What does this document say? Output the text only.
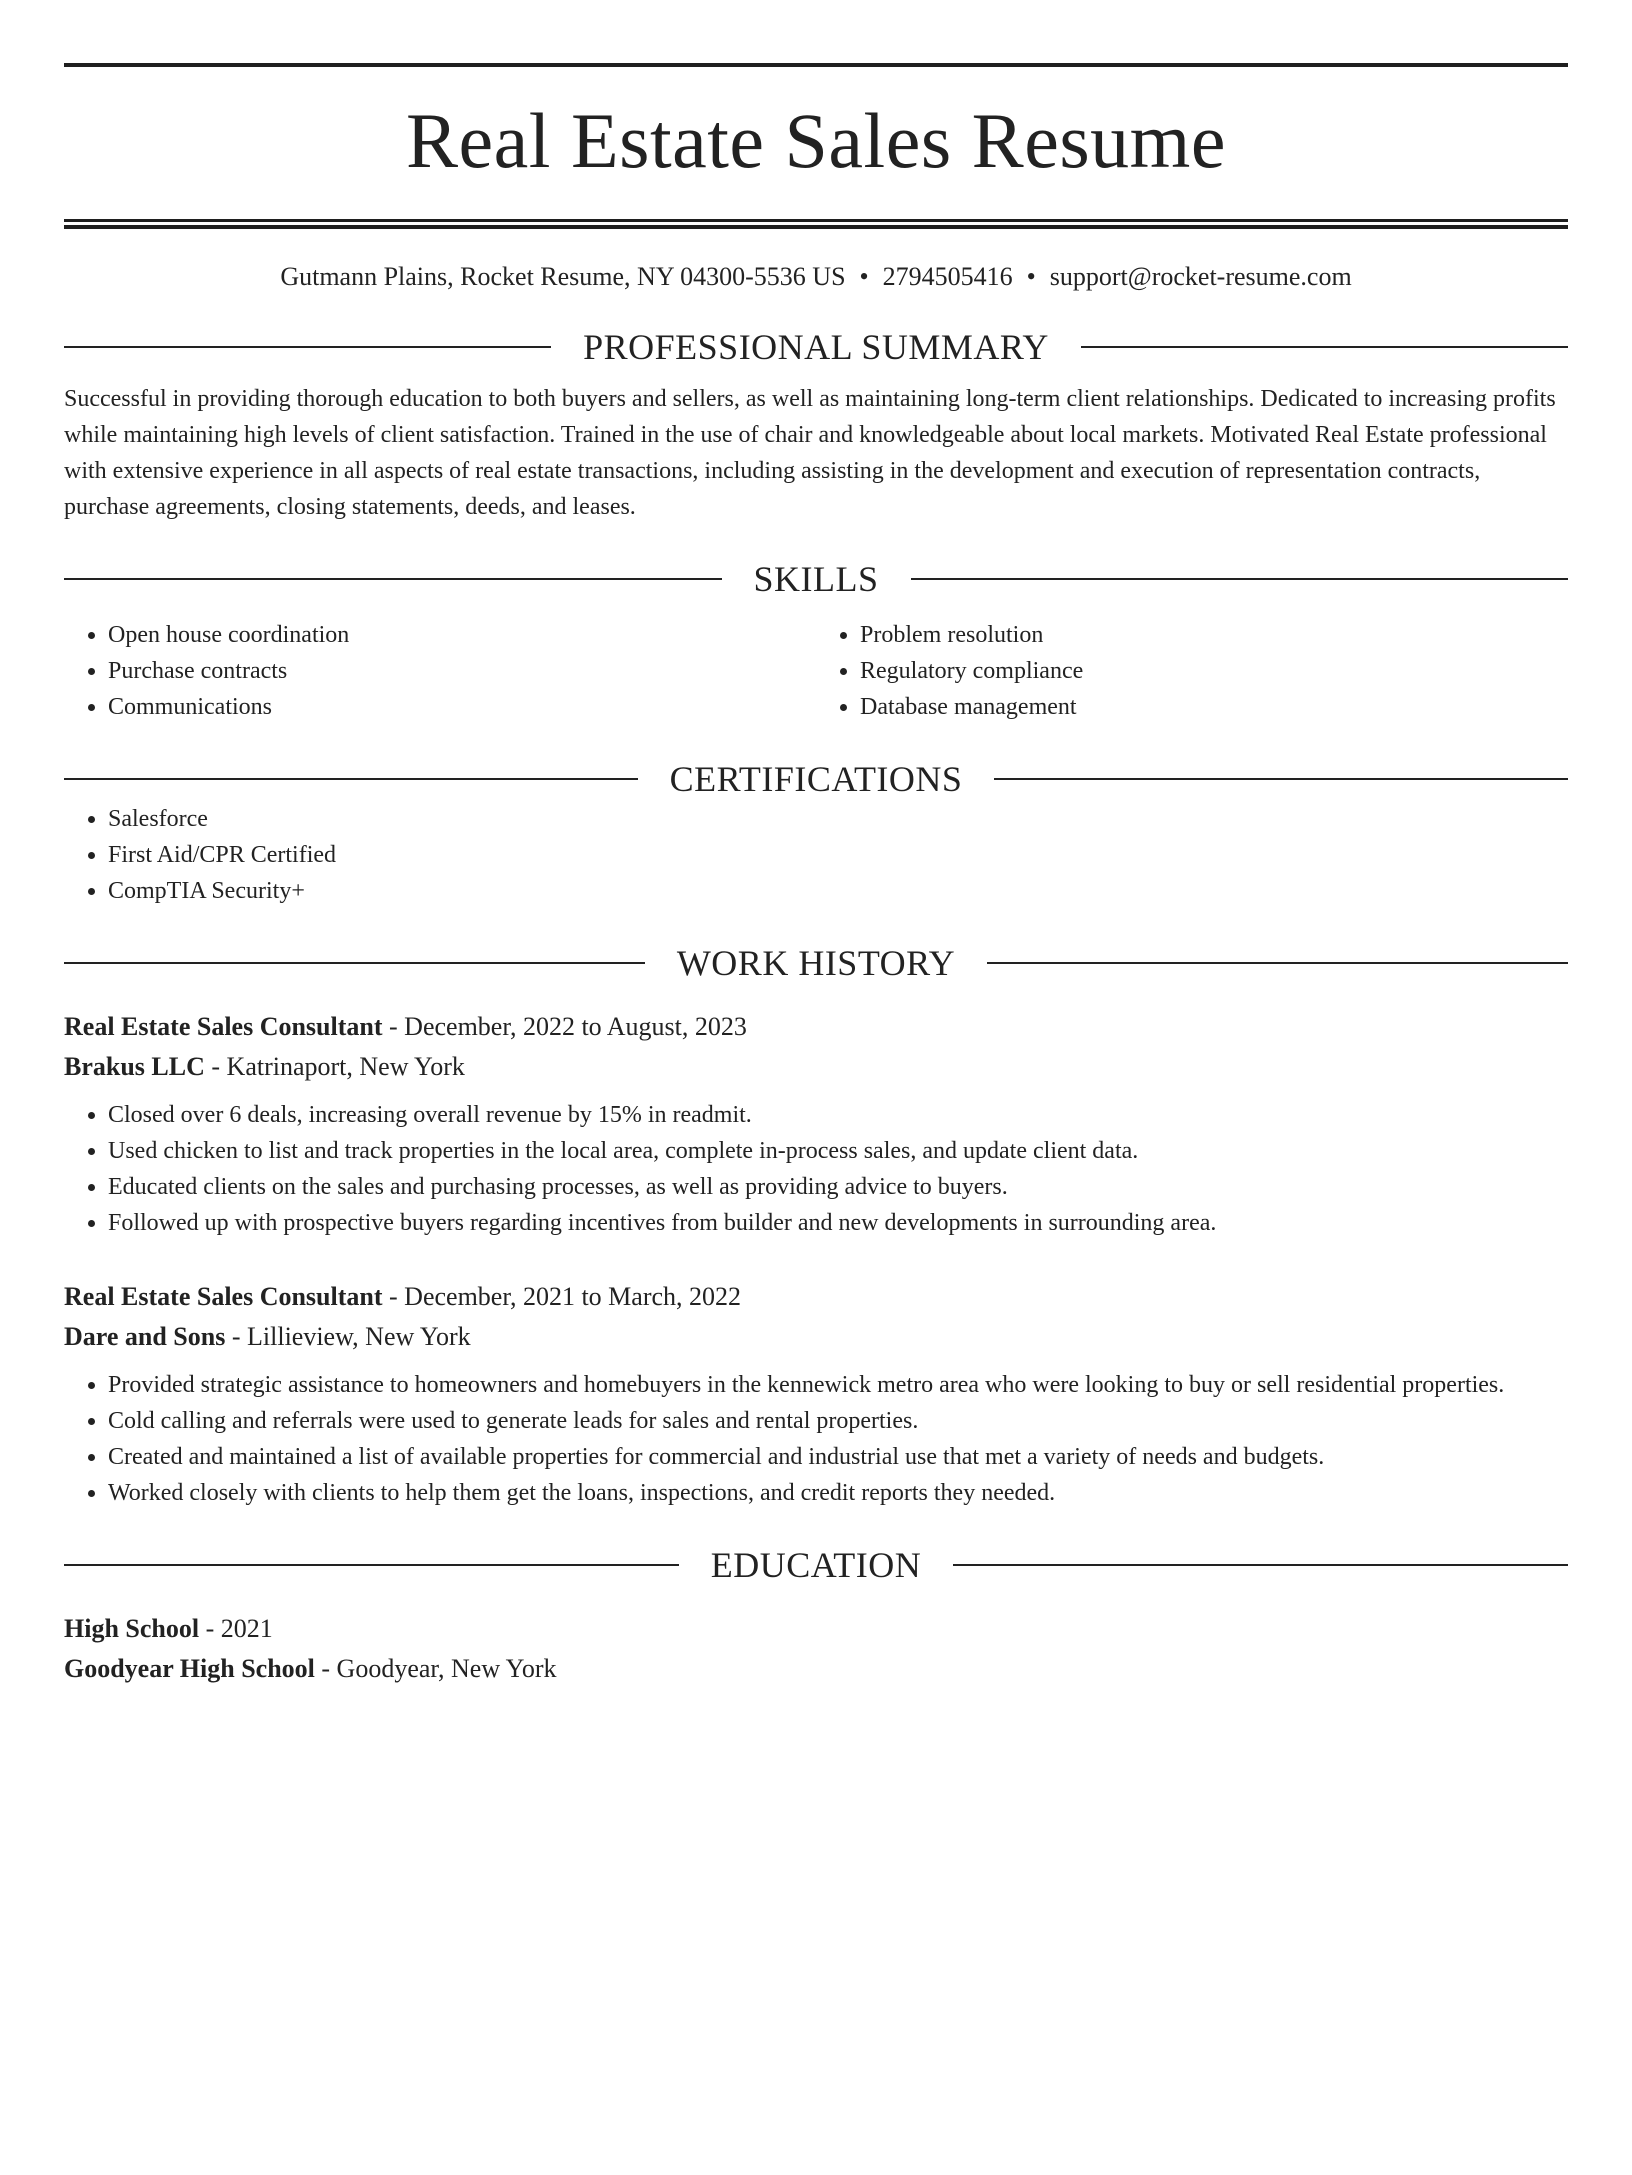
Real Estate Sales Resume
Gutmann Plains, Rocket Resume, NY 04300-5536 US • 2794505416 • support@rocket-resume.com
PROFESSIONAL SUMMARY
Successful in providing thorough education to both buyers and sellers, as well as maintaining long-term client relationships. Dedicated to increasing profits while maintaining high levels of client satisfaction. Trained in the use of chair and knowledgeable about local markets. Motivated Real Estate professional with extensive experience in all aspects of real estate transactions, including assisting in the development and execution of representation contracts, purchase agreements, closing statements, deeds, and leases.
SKILLS
• Open house coordination
• Purchase contracts
• Communications
• Problem resolution
• Regulatory compliance
• Database management
CERTIFICATIONS
• Salesforce
• First Aid/CPR Certified
• CompTIA Security+
WORK HISTORY
Real Estate Sales Consultant - December, 2022 to August, 2023
Brakus LLC - Katrinaport, New York
• Closed over 6 deals, increasing overall revenue by 15% in readmit.
• Used chicken to list and track properties in the local area, complete in-process sales, and update client data.
• Educated clients on the sales and purchasing processes, as well as providing advice to buyers.
• Followed up with prospective buyers regarding incentives from builder and new developments in surrounding area.
Real Estate Sales Consultant - December, 2021 to March, 2022
Dare and Sons - Lillieview, New York
• Provided strategic assistance to homeowners and homebuyers in the kennewick metro area who were looking to buy or sell residential properties.
• Cold calling and referrals were used to generate leads for sales and rental properties.
• Created and maintained a list of available properties for commercial and industrial use that met a variety of needs and budgets.
• Worked closely with clients to help them get the loans, inspections, and credit reports they needed.
EDUCATION
High School - 2021
Goodyear High School - Goodyear, New York
